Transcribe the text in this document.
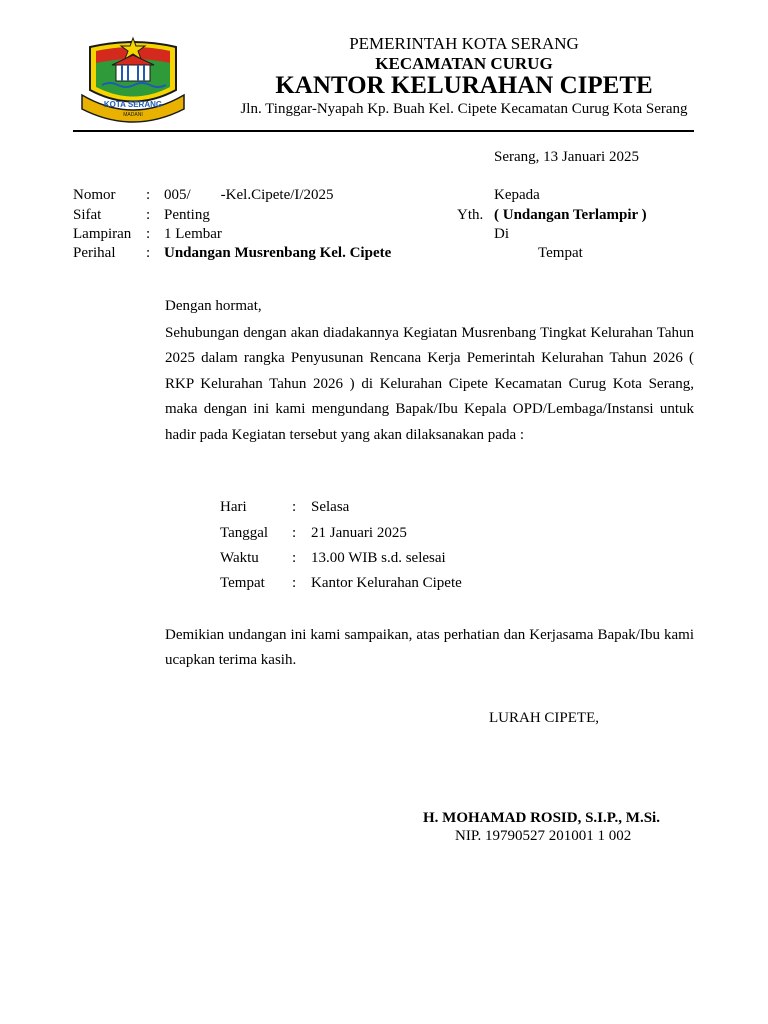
KOTA SERANG
MADANI
PEMERINTAH KOTA SERANG
KECAMATAN CURUG
KANTOR KELURAHAN CIPETE
Jln. Tinggar-Nyapah Kp. Buah Kel. Cipete Kecamatan Curug Kota Serang
Serang, 13 Januari 2025
Nomor : 005/        -Kel.Cipete/I/2025
Sifat	: Penting
Lampiran : 1 Lembar
Perihal : Undangan Musrenbang Kel. Cipete
Kepada
Yth. ( Undangan Terlampir )
Di
Tempat
Dengan hormat,
Sehubungan dengan akan diadakannya Kegiatan Musrenbang Tingkat Kelurahan Tahun 2025 dalam rangka Penyusunan Rencana Kerja Pemerintah Kelurahan Tahun 2026 ( RKP Kelurahan Tahun 2026 ) di Kelurahan Cipete Kecamatan Curug Kota Serang, maka dengan ini kami mengundang Bapak/Ibu Kepala OPD/Lembaga/Instansi untuk hadir pada Kegiatan tersebut yang akan dilaksanakan pada :
Hari	: Selasa
Tanggal : 21 Januari 2025
Waktu : 13.00 WIB s.d. selesai
Tempat : Kantor Kelurahan Cipete
Demikian undangan ini kami sampaikan, atas perhatian dan Kerjasama Bapak/Ibu kami ucapkan terima kasih.
LURAH CIPETE,
H. MOHAMAD ROSID, S.I.P., M.Si.
NIP. 19790527 201001 1 002
